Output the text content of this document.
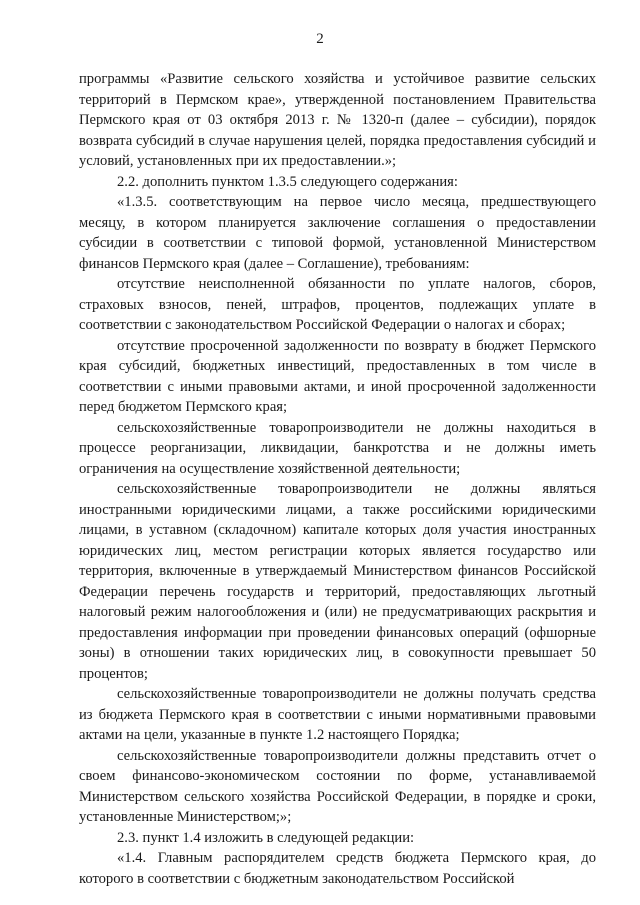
2

программы «Развитие сельского хозяйства и устойчивое развитие сельских территорий в Пермском крае», утвержденной постановлением Правительства Пермского края от 03 октября 2013 г. № 1320-п (далее – субсидии), порядок возврата субсидий в случае нарушения целей, порядка предоставления субсидий и условий, установленных при их предоставлении.»;

2.2. дополнить пунктом 1.3.5 следующего содержания:

«1.3.5. соответствующим на первое число месяца, предшествующего месяцу, в котором планируется заключение соглашения о предоставлении субсидии в соответствии с типовой формой, установленной Министерством финансов Пермского края (далее – Соглашение), требованиям:

отсутствие неисполненной обязанности по уплате налогов, сборов, страховых взносов, пеней, штрафов, процентов, подлежащих уплате в соответствии с законодательством Российской Федерации о налогах и сборах;

отсутствие просроченной задолженности по возврату в бюджет Пермского края субсидий, бюджетных инвестиций, предоставленных в том числе в соответствии с иными правовыми актами, и иной просроченной задолженности перед бюджетом Пермского края;

сельскохозяйственные товаропроизводители не должны находиться в процессе реорганизации, ликвидации, банкротства и не должны иметь ограничения на осуществление хозяйственной деятельности;

сельскохозяйственные товаропроизводители не должны являться иностранными юридическими лицами, а также российскими юридическими лицами, в уставном (складочном) капитале которых доля участия иностранных юридических лиц, местом регистрации которых является государство или территория, включенные в утверждаемый Министерством финансов Российской Федерации перечень государств и территорий, предоставляющих льготный налоговый режим налогообложения и (или) не предусматривающих раскрытия и предоставления информации при проведении финансовых операций (офшорные зоны) в отношении таких юридических лиц, в совокупности превышает 50 процентов;

сельскохозяйственные товаропроизводители не должны получать средства из бюджета Пермского края в соответствии с иными нормативными правовыми актами на цели, указанные в пункте 1.2 настоящего Порядка;

сельскохозяйственные товаропроизводители должны представить отчет о своем финансово-экономическом состоянии по форме, устанавливаемой Министерством сельского хозяйства Российской Федерации, в порядке и сроки, установленные Министерством;»;

2.3. пункт 1.4 изложить в следующей редакции:

«1.4. Главным распорядителем средств бюджета Пермского края, до которого в соответствии с бюджетным законодательством Российской
